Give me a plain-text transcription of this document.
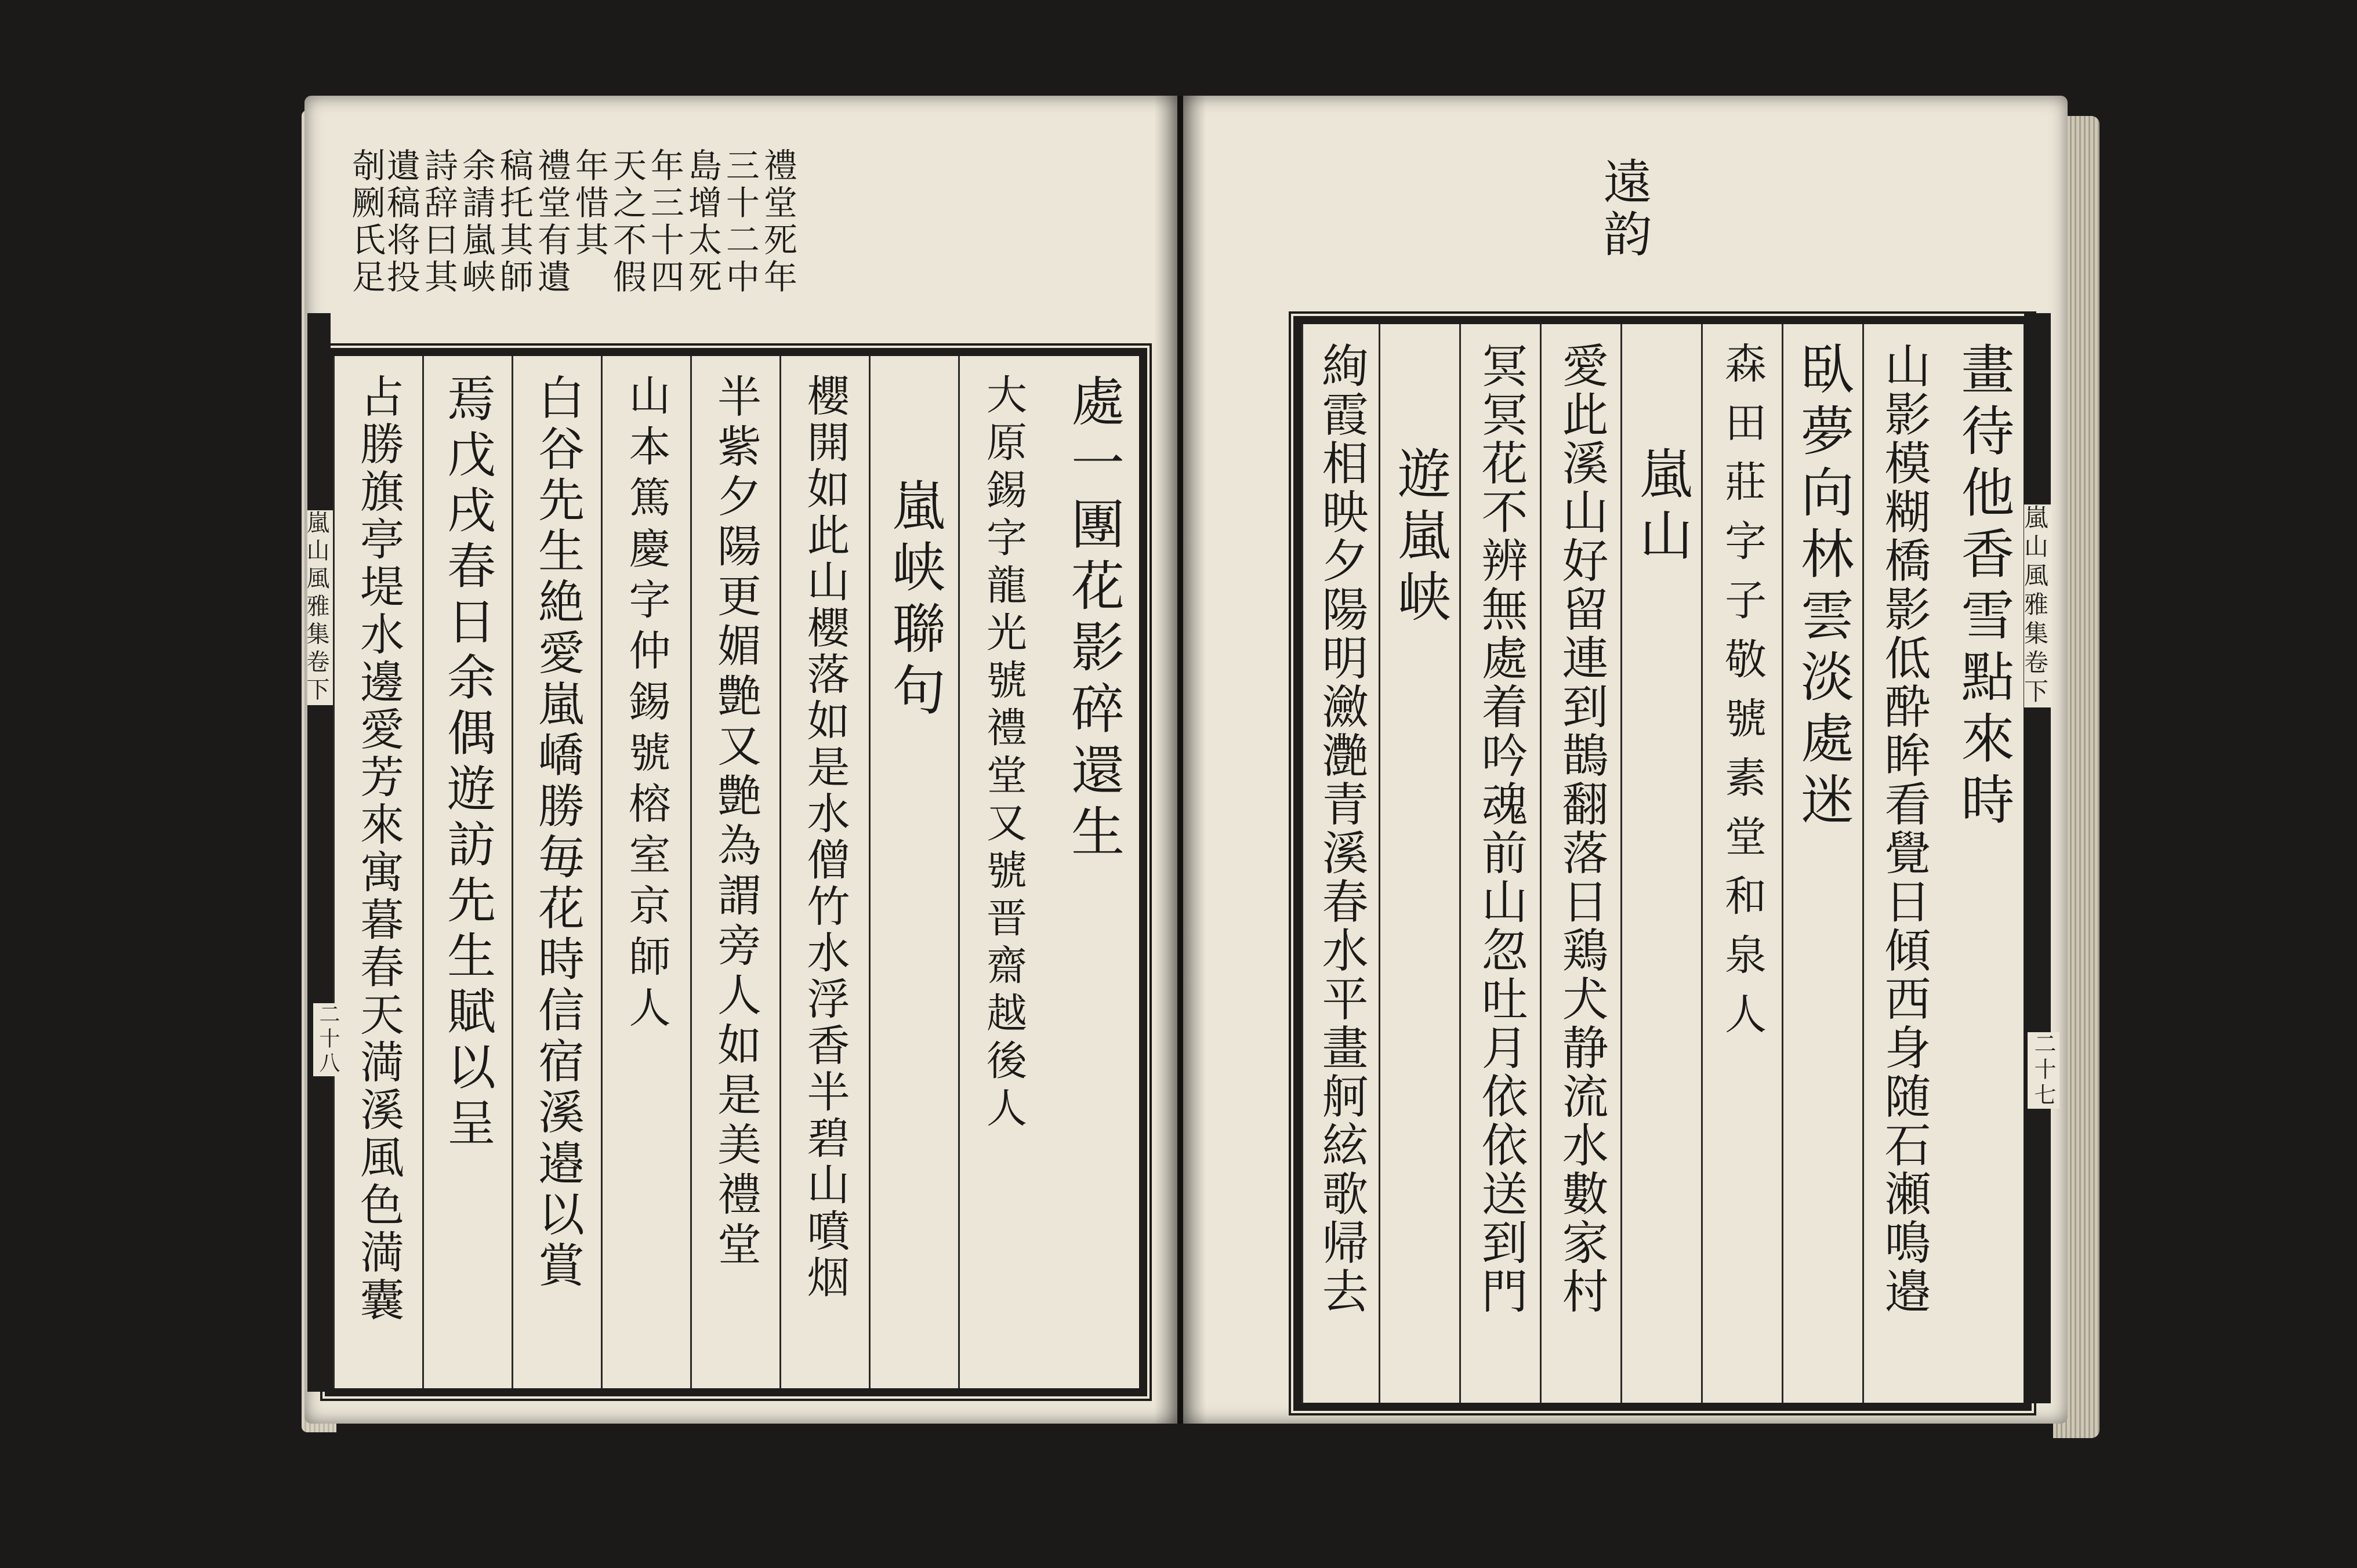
禮堂死年
三十二中
島增太死
年三十四
天之不假
年惜其
禮堂有遺
稿托其師
余請嵐峡
詩辞曰其
遺稿将投
剞劂氏足
處一團花影碎還生
大原錫字龍光號禮堂又號晋齋越後人
嵐峡聯句
櫻開如此山櫻落如是水僧竹水浮香半碧山噴烟
半紫夕陽更媚艶又艶為謂旁人如是美禮堂
山本篤慶字仲錫號榕室京師人
白谷先生絶愛嵐嶠勝毎花時信宿溪邉以賞
焉戊戌春日余偶遊訪先生賦以呈
占勝旗亭堤水邊愛芳來寓暮春天満溪風色満囊
嵐山風雅集卷下
二十八
遠韵
畫待他香雪點來時
山影模糊橋影低酔眸看覺日傾西身随石瀬鳴邉
臥夢向林雲淡處迷
森田莊字子敬號素堂和泉人
嵐山
愛此溪山好留連到鵲翻落日鶏犬静流水數家村
冥冥花不辨無處着吟魂前山忽吐月依依送到門
遊嵐峡
絢霞相映夕陽明瀲灔青溪春水平畫舸絃歌帰去	嵐山風雅集卷下
二十七
